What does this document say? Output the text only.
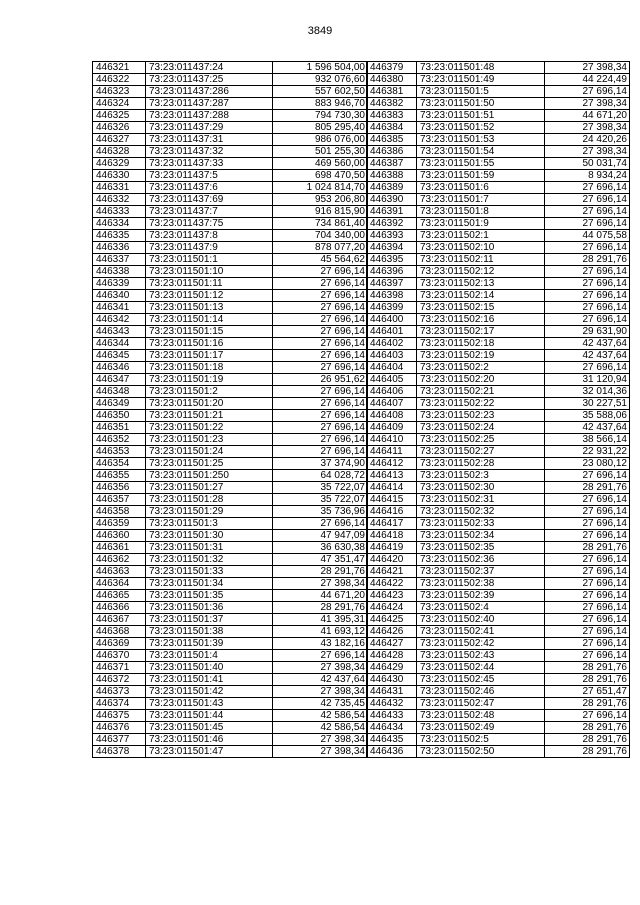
3849
446321	73:23:011437:24	1 596 504,00
446322	73:23:011437:25	932 076,60
446323	73:23:011437:286	557 602,50
446324	73:23:011437:287	883 946,70
446325	73:23:011437:288	794 730,30
446326	73:23:011437:29	805 295,40
446327	73:23:011437:31	986 076,00
446328	73:23:011437:32	501 255,30
446329	73:23:011437:33	469 560,00
446330	73:23:011437:5	698 470,50
446331	73:23:011437:6	1 024 814,70
446332	73:23:011437:69	953 206,80
446333	73:23:011437:7	916 815,90
446334	73:23:011437:75	734 861,40
446335	73:23:011437:8	704 340,00
446336	73:23:011437:9	878 077,20
446337	73:23:011501:1	45 564,62
446338	73:23:011501:10	27 696,14
446339	73:23:011501:11	27 696,14
446340	73:23:011501:12	27 696,14
446341	73:23:011501:13	27 696,14
446342	73:23:011501:14	27 696,14
446343	73:23:011501:15	27 696,14
446344	73:23:011501:16	27 696,14
446345	73:23:011501:17	27 696,14
446346	73:23:011501:18	27 696,14
446347	73:23:011501:19	26 951,62
446348	73:23:011501:2	27 696,14
446349	73:23:011501:20	27 696,14
446350	73:23:011501:21	27 696,14
446351	73:23:011501:22	27 696,14
446352	73:23:011501:23	27 696,14
446353	73:23:011501:24	27 696,14
446354	73:23:011501:25	37 374,90
446355	73:23:011501:250	64 028,72
446356	73:23:011501:27	35 722,07
446357	73:23:011501:28	35 722,07
446358	73:23:011501:29	35 736,96
446359	73:23:011501:3	27 696,14
446360	73:23:011501:30	47 947,09
446361	73:23:011501:31	36 630,38
446362	73:23:011501:32	47 351,47
446363	73:23:011501:33	28 291,76
446364	73:23:011501:34	27 398,34
446365	73:23:011501:35	44 671,20
446366	73:23:011501:36	28 291,76
446367	73:23:011501:37	41 395,31
446368	73:23:011501:38	41 693,12
446369	73:23:011501:39	43 182,16
446370	73:23:011501:4	27 696,14
446371	73:23:011501:40	27 398,34
446372	73:23:011501:41	42 437,64
446373	73:23:011501:42	27 398,34
446374	73:23:011501:43	42 735,45
446375	73:23:011501:44	42 586,54
446376	73:23:011501:45	42 586,54
446377	73:23:011501:46	27 398,34
446378	73:23:011501:47	27 398,34
446379	73:23:011501:48	27 398,34
446380	73:23:011501:49	44 224,49
446381	73:23:011501:5	27 696,14
446382	73:23:011501:50	27 398,34
446383	73:23:011501:51	44 671,20
446384	73:23:011501:52	27 398,34
446385	73:23:011501:53	24 420,26
446386	73:23:011501:54	27 398,34
446387	73:23:011501:55	50 031,74
446388	73:23:011501:59	8 934,24
446389	73:23:011501:6	27 696,14
446390	73:23:011501:7	27 696,14
446391	73:23:011501:8	27 696,14
446392	73:23:011501:9	27 696,14
446393	73:23:011502:1	44 075,58
446394	73:23:011502:10	27 696,14
446395	73:23:011502:11	28 291,76
446396	73:23:011502:12	27 696,14
446397	73:23:011502:13	27 696,14
446398	73:23:011502:14	27 696,14
446399	73:23:011502:15	27 696,14
446400	73:23:011502:16	27 696,14
446401	73:23:011502:17	29 631,90
446402	73:23:011502:18	42 437,64
446403	73:23:011502:19	42 437,64
446404	73:23:011502:2	27 696,14
446405	73:23:011502:20	31 120,94
446406	73:23:011502:21	32 014,36
446407	73:23:011502:22	30 227,51
446408	73:23:011502:23	35 588,06
446409	73:23:011502:24	42 437,64
446410	73:23:011502:25	38 566,14
446411	73:23:011502:27	22 931,22
446412	73:23:011502:28	23 080,12
446413	73:23:011502:3	27 696,14
446414	73:23:011502:30	28 291,76
446415	73:23:011502:31	27 696,14
446416	73:23:011502:32	27 696,14
446417	73:23:011502:33	27 696,14
446418	73:23:011502:34	27 696,14
446419	73:23:011502:35	28 291,76
446420	73:23:011502:36	27 696,14
446421	73:23:011502:37	27 696,14
446422	73:23:011502:38	27 696,14
446423	73:23:011502:39	27 696,14
446424	73:23:011502:4	27 696,14
446425	73:23:011502:40	27 696,14
446426	73:23:011502:41	27 696,14
446427	73:23:011502:42	27 696,14
446428	73:23:011502:43	27 696,14
446429	73:23:011502:44	28 291,76
446430	73:23:011502:45	28 291,76
446431	73:23:011502:46	27 651,47
446432	73:23:011502:47	28 291,76
446433	73:23:011502:48	27 696,14
446434	73:23:011502:49	28 291,76
446435	73:23:011502:5	28 291,76
446436	73:23:011502:50	28 291,76
